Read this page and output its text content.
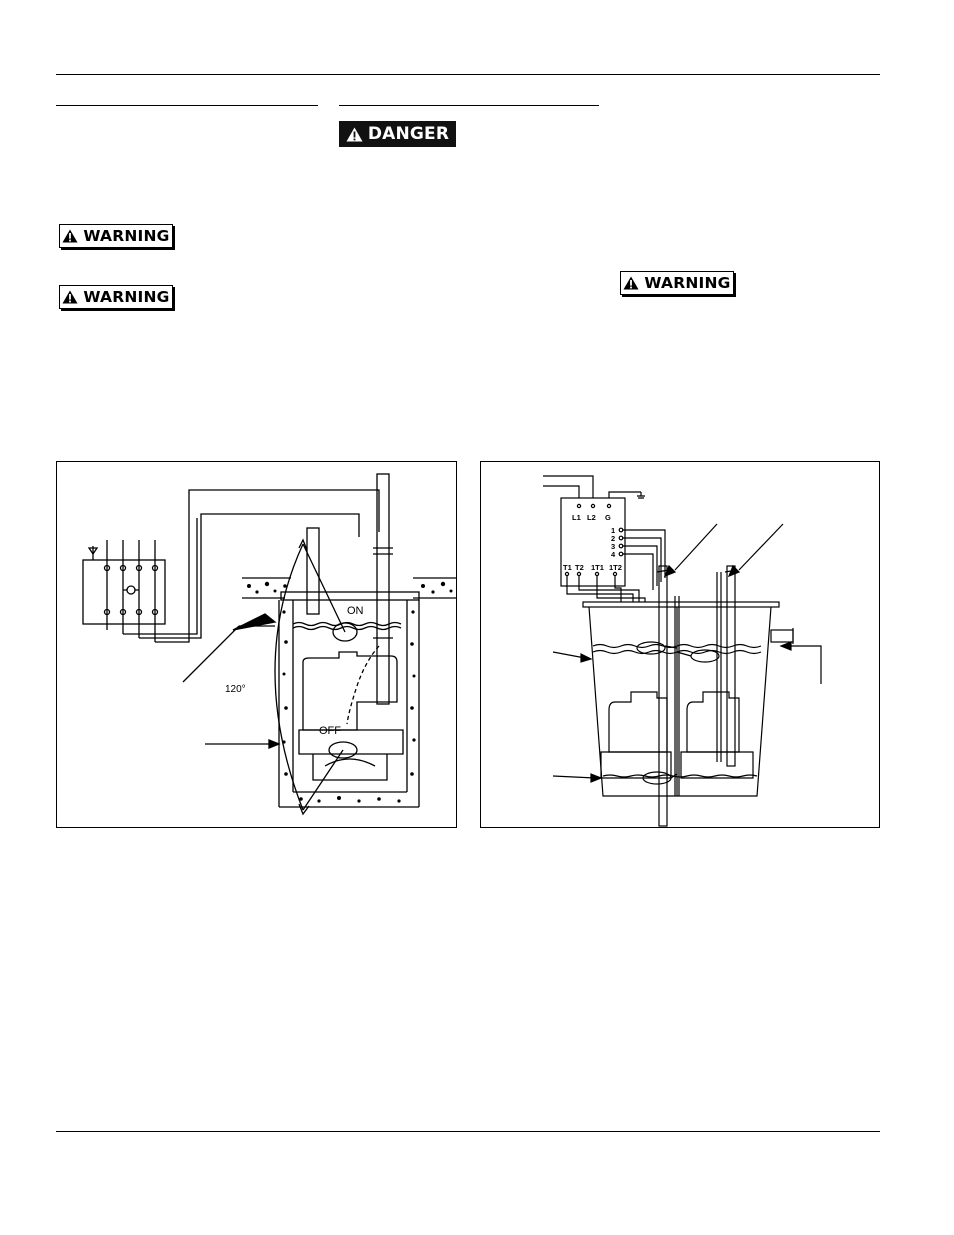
DANGER
WARNING
WARNING
WARNING
ON
OFF
120°
L1 L2 G
1
2
3
4
T1 T2 1T1 1T2
